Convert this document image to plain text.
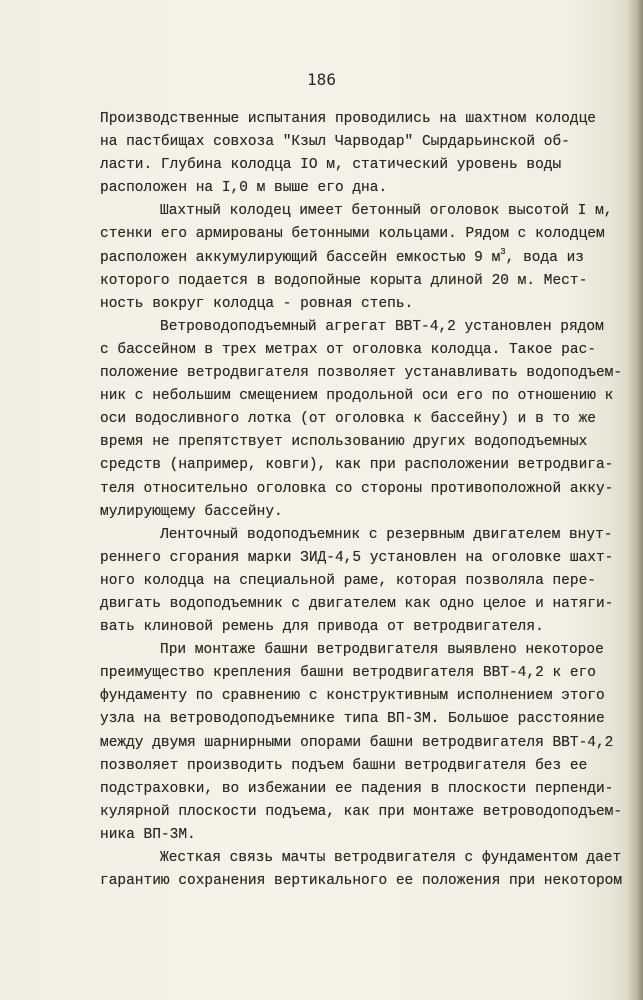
186
Производственные испытания проводились на шахтном колодце
на пастбищах совхоза "Кзыл Чарводар" Сырдарьинской об-
ласти. Глубина колодца IO м, статический уровень воды
расположен на I,0 м выше его дна.
Шахтный колодец имеет бетонный оголовок высотой I м,
стенки его армированы бетонными кольцами. Рядом с колодцем
расположен аккумулирующий бассейн емкостью 9 $м^3$, вода из
которого подается в водопойные корыта длиной 20 м. Мест-
ность вокруг колодца - ровная степь.
Ветроводоподъемный агрегат ВВТ-4,2 установлен рядом
с бассейном в трех метрах от оголовка колодца. Такое рас-
положение ветродвигателя позволяет устанавливать водоподъем-
ник с небольшим смещением продольной оси его по отношению к
оси водосливного лотка (от оголовка к бассейну) и в то же
время не препятствует использованию других водоподъемных
средств (например, ковги), как при расположении ветродвига-
теля относительно оголовка со стороны противоположной акку-
мулирующему бассейну.
Ленточный водоподъемник с резервным двигателем внут-
реннего сгорания марки ЗИД-4,5 установлен на оголовке шахт-
ного колодца на специальной раме, которая позволяла пере-
двигать водоподъемник с двигателем как одно целое и натяги-
вать клиновой ремень для привода от ветродвигателя.
При монтаже башни ветродвигателя выявлено некоторое
преимущество крепления башни ветродвигателя ВВТ-4,2 к его
фундаменту по сравнению с конструктивным исполнением этого
узла на ветроводоподъемнике типа ВП-3М. Большое расстояние
между двумя шарнирными опорами башни ветродвигателя ВВТ-4,2
позволяет производить подъем башни ветродвигателя без ее
подстраховки, во избежании ее падения в плоскости перпенди-
кулярной плоскости подъема, как при монтаже ветроводоподъем-
ника ВП-3М.
Жесткая связь мачты ветродвигателя с фундаментом дает
гарантию сохранения вертикального ее положения при некотором
